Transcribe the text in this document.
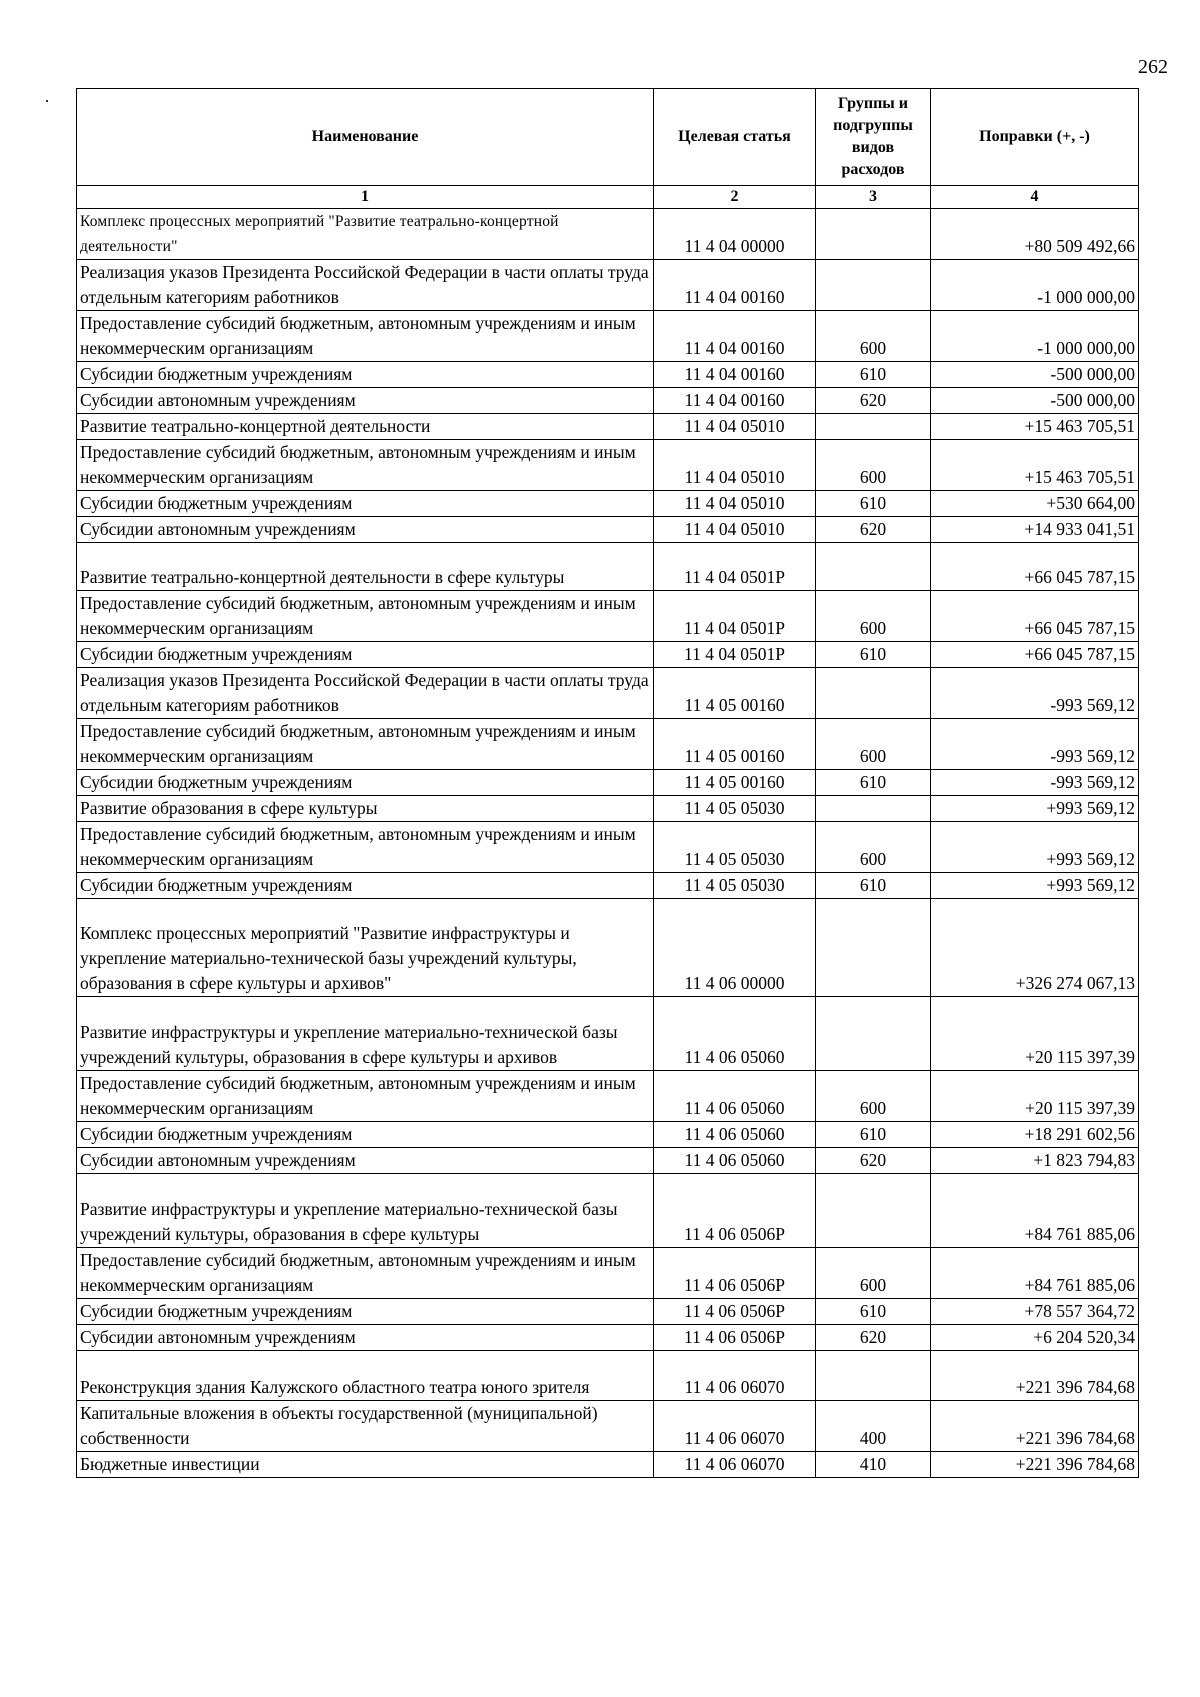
262
Наименование	Целевая статья	Группы и подгруппы видов расходов	Поправки (+, -)
1	2	3	4
Комплекс процессных мероприятий "Развитие театрально-концертной деятельности"	11 4 04 00000		+80 509 492,66
Реализация указов Президента Российской Федерации в части оплаты труда отдельным категориям работников	11 4 04 00160		-1 000 000,00
Предоставление субсидий бюджетным, автономным учреждениям и иным некоммерческим организациям	11 4 04 00160	600	-1 000 000,00
Субсидии бюджетным учреждениям	11 4 04 00160	610	-500 000,00
Субсидии автономным учреждениям	11 4 04 00160	620	-500 000,00
Развитие театрально-концертной деятельности	11 4 04 05010		+15 463 705,51
Предоставление субсидий бюджетным, автономным учреждениям и иным некоммерческим организациям	11 4 04 05010	600	+15 463 705,51
Субсидии бюджетным учреждениям	11 4 04 05010	610	+530 664,00
Субсидии автономным учреждениям	11 4 04 05010	620	+14 933 041,51
Развитие театрально-концертной деятельности в сфере культуры	11 4 04 0501P		+66 045 787,15
Предоставление субсидий бюджетным, автономным учреждениям и иным некоммерческим организациям	11 4 04 0501P	600	+66 045 787,15
Субсидии бюджетным учреждениям	11 4 04 0501P	610	+66 045 787,15
Реализация указов Президента Российской Федерации в части оплаты труда отдельным категориям работников	11 4 05 00160		-993 569,12
Предоставление субсидий бюджетным, автономным учреждениям и иным некоммерческим организациям	11 4 05 00160	600	-993 569,12
Субсидии бюджетным учреждениям	11 4 05 00160	610	-993 569,12
Развитие образования в сфере культуры	11 4 05 05030		+993 569,12
Предоставление субсидий бюджетным, автономным учреждениям и иным некоммерческим организациям	11 4 05 05030	600	+993 569,12
Субсидии бюджетным учреждениям	11 4 05 05030	610	+993 569,12
Комплекс процессных мероприятий "Развитие инфраструктуры и укрепление материально-технической базы учреждений культуры, образования в сфере культуры и архивов"	11 4 06 00000		+326 274 067,13
Развитие инфраструктуры и укрепление материально-технической базы учреждений культуры, образования в сфере культуры и архивов	11 4 06 05060		+20 115 397,39
Предоставление субсидий бюджетным, автономным учреждениям и иным некоммерческим организациям	11 4 06 05060	600	+20 115 397,39
Субсидии бюджетным учреждениям	11 4 06 05060	610	+18 291 602,56
Субсидии автономным учреждениям	11 4 06 05060	620	+1 823 794,83
Развитие инфраструктуры и укрепление материально-технической базы учреждений культуры, образования в сфере культуры	11 4 06 0506P		+84 761 885,06
Предоставление субсидий бюджетным, автономным учреждениям и иным некоммерческим организациям	11 4 06 0506P	600	+84 761 885,06
Субсидии бюджетным учреждениям	11 4 06 0506P	610	+78 557 364,72
Субсидии автономным учреждениям	11 4 06 0506P	620	+6 204 520,34
Реконструкция здания Калужского областного театра юного зрителя	11 4 06 06070		+221 396 784,68
Капитальные вложения в объекты государственной (муниципальной) собственности	11 4 06 06070	400	+221 396 784,68
Бюджетные инвестиции	11 4 06 06070	410	+221 396 784,68
